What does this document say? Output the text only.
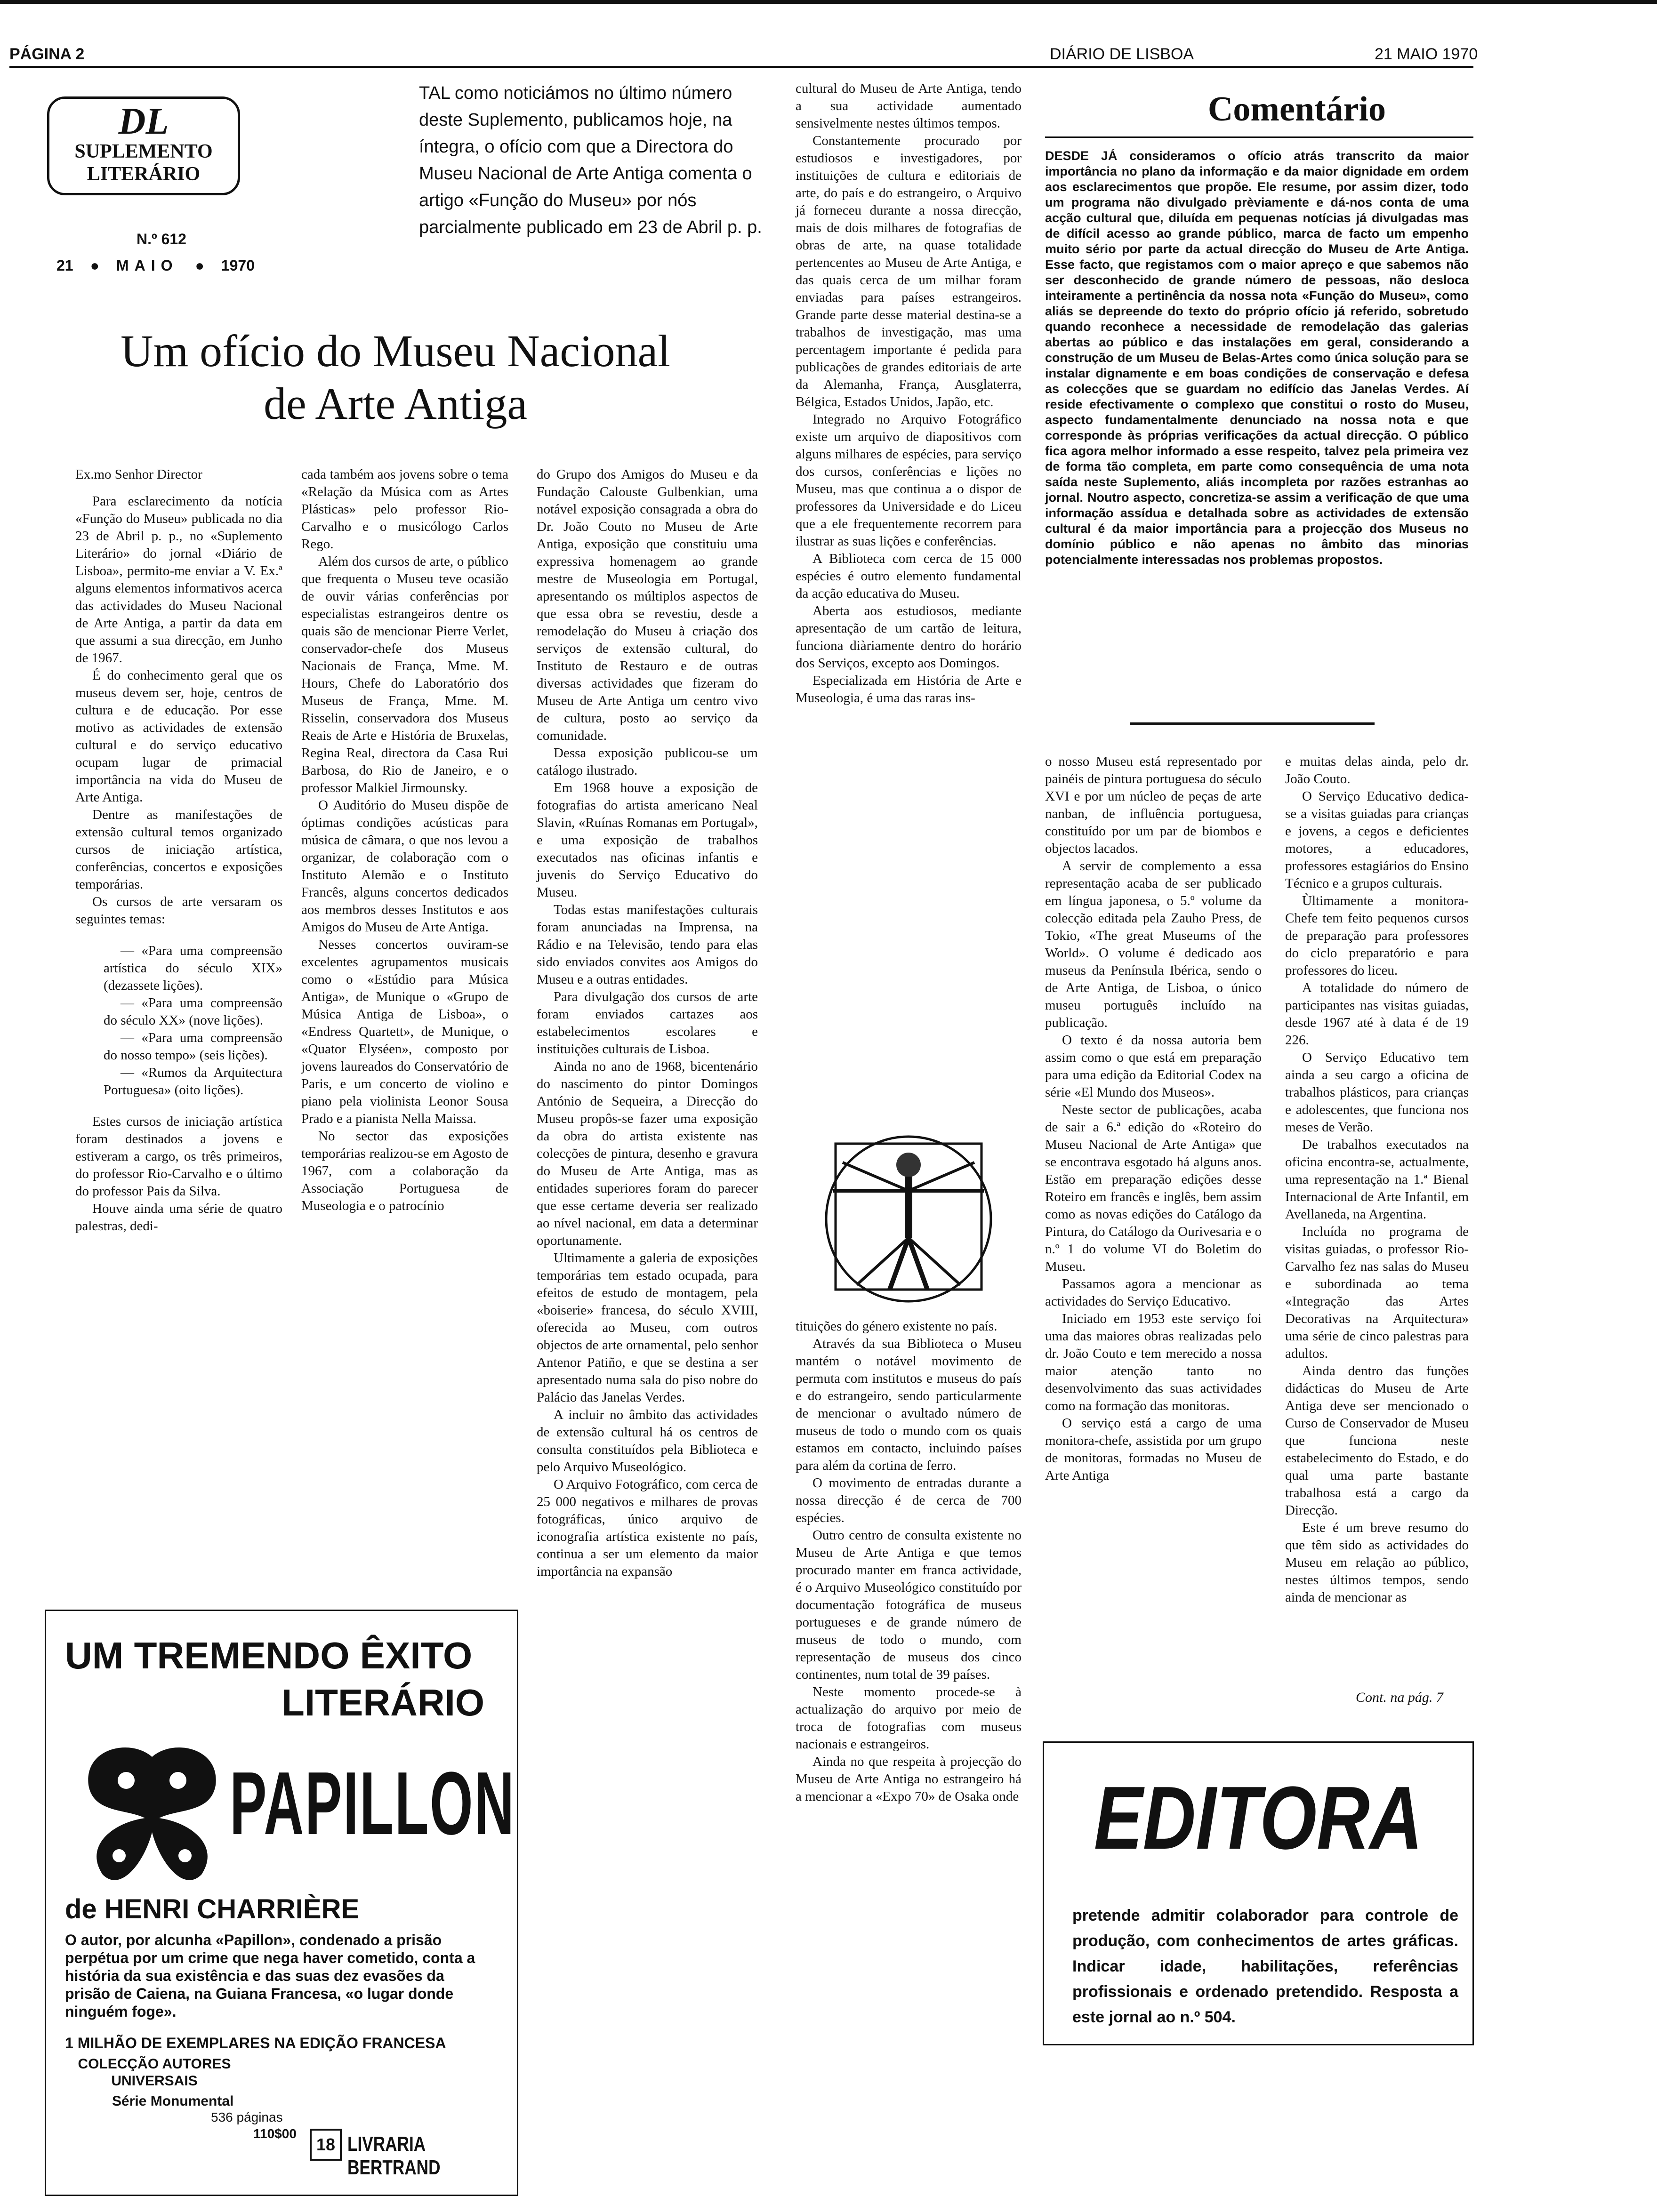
PÁGINA 2	DIÁRIO DE LISBOA	21 MAIO 1970
DL
SUPLEMENTO
LITERÁRIO
N.º 612
21 ● MAIO ● 1970
TAL como noticiámos no último número deste Suplemento, publicamos hoje, na íntegra, o ofício com que a Directora do Museu Nacional de Arte Antiga comenta o artigo «Função do Museu» por nós parcialmente publicado em 23 de Abril p. p.
Um ofício do Museu Nacional
de Arte Antiga

Ex.mo Senhor Director

Para esclarecimento da notícia «Função do Museu» publicada no dia 23 de Abril p. p., no «Suplemento Literário» do jornal «Diário de Lisboa», permito-me enviar a V. Ex.ª alguns elementos informativos acerca das actividades do Museu Nacional de Arte Antiga, a partir da data em que assumi a sua direcção, em Junho de 1967.

É do conhecimento geral que os museus devem ser, hoje, centros de cultura e de educação. Por esse motivo as actividades de extensão cultural e do serviço educativo ocupam lugar de primacial importância na vida do Museu de Arte Antiga.

Dentre as manifestações de extensão cultural temos organizado cursos de iniciação artística, conferências, concertos e exposições temporárias.

Os cursos de arte versaram os seguintes temas:

— «Para uma compreensão artística do século XIX» (dezassete lições).

— «Para uma compreensão do século XX» (nove lições).

— «Para uma compreensão do nosso tempo» (seis lições).

— «Rumos da Arquitectura Portuguesa» (oito lições).

Estes cursos de iniciação artística foram destinados a jovens e estiveram a cargo, os três primeiros, do professor Rio-Carvalho e o último do professor Pais da Silva.

Houve ainda uma série de quatro palestras, dedi-

cada também aos jovens sobre o tema «Relação da Música com as Artes Plásticas» pelo professor Rio-Carvalho e o musicólogo Carlos Rego.

Além dos cursos de arte, o público que frequenta o Museu teve ocasião de ouvir várias conferências por especialistas estrangeiros dentre os quais são de mencionar Pierre Verlet, conservador-chefe dos Museus Nacionais de França, Mme. M. Hours, Chefe do Laboratório dos Museus de França, Mme. M. Risselin, conservadora dos Museus Reais de Arte e História de Bruxelas, Regina Real, directora da Casa Rui Barbosa, do Rio de Janeiro, e o professor Malkiel Jirmounsky.

O Auditório do Museu dispõe de óptimas condições acústicas para música de câmara, o que nos levou a organizar, de colaboração com o Instituto Alemão e o Instituto Francês, alguns concertos dedicados aos membros desses Institutos e aos Amigos do Museu de Arte Antiga.

Nesses concertos ouviram-se excelentes agrupamentos musicais como o «Estúdio para Música Antiga», de Munique o «Grupo de Música Antiga de Lisboa», o «Endress Quartett», de Munique, o «Quator Elyséen», composto por jovens laureados do Conservatório de Paris, e um concerto de violino e piano pela violinista Leonor Sousa Prado e a pianista Nella Maissa.

No sector das exposições temporárias realizou-se em Agosto de 1967, com a colaboração da Associação Portuguesa de Museologia e o patrocínio

do Grupo dos Amigos do Museu e da Fundação Calouste Gulbenkian, uma notável exposição consagrada a obra do Dr. João Couto no Museu de Arte Antiga, exposição que constituiu uma expressiva homenagem ao grande mestre de Museologia em Portugal, apresentando os múltiplos aspectos de que essa obra se revestiu, desde a remodelação do Museu à criação dos serviços de extensão cultural, do Instituto de Restauro e de outras diversas actividades que fizeram do Museu de Arte Antiga um centro vivo de cultura, posto ao serviço da comunidade.

Dessa exposição publicou-se um catálogo ilustrado.

Em 1968 houve a exposição de fotografias do artista americano Neal Slavin, «Ruínas Romanas em Portugal», e uma exposição de trabalhos executados nas oficinas infantis e juvenis do Serviço Educativo do Museu.

Todas estas manifestações culturais foram anunciadas na Imprensa, na Rádio e na Televisão, tendo para elas sido enviados convites aos Amigos do Museu e a outras entidades.

Para divulgação dos cursos de arte foram enviados cartazes aos estabelecimentos escolares e instituições culturais de Lisboa.

Ainda no ano de 1968, bicentenário do nascimento do pintor Domingos António de Sequeira, a Direcção do Museu propôs-se fazer uma exposição da obra do artista existente nas colecções de pintura, desenho e gravura do Museu de Arte Antiga, mas as entidades superiores foram do parecer que esse certame deveria ser realizado ao nível nacional, em data a determinar oportunamente.

Ultimamente a galeria de exposições temporárias tem estado ocupada, para efeitos de estudo de montagem, pela «boiserie» francesa, do século XVIII, oferecida ao Museu, com outros objectos de arte ornamental, pelo senhor Antenor Patiño, e que se destina a ser apresentado numa sala do piso nobre do Palácio das Janelas Verdes.

A incluir no âmbito das actividades de extensão cultural há os centros de consulta constituídos pela Biblioteca e pelo Arquivo Museológico.

O Arquivo Fotográfico, com cerca de 25 000 negativos e milhares de provas fotográficas, único arquivo de iconografia artística existente no país, continua a ser um elemento da maior importância na expansão

cultural do Museu de Arte Antiga, tendo a sua actividade aumentado sensivelmente nestes últimos tempos.

Constantemente procurado por estudiosos e investigadores, por instituições de cultura e editoriais de arte, do país e do estrangeiro, o Arquivo já forneceu durante a nossa direcção, mais de dois milhares de fotografias de obras de arte, na quase totalidade pertencentes ao Museu de Arte Antiga, e das quais cerca de um milhar foram enviadas para países estrangeiros. Grande parte desse material destina-se a trabalhos de investigação, mas uma percentagem importante é pedida para publicações de grandes editoriais de arte da Alemanha, França, Ausglaterra, Bélgica, Estados Unidos, Japão, etc.

Integrado no Arquivo Fotográfico existe um arquivo de diapositivos com alguns milhares de espécies, para serviço dos cursos, conferências e lições no Museu, mas que continua a o dispor de professores da Universidade e do Liceu que a ele frequentemente recorrem para ilustrar as suas lições e conferências.

A Biblioteca com cerca de 15 000 espécies é outro elemento fundamental da acção educativa do Museu.

Aberta aos estudiosos, mediante apresentação de um cartão de leitura, funciona diàriamente dentro do horário dos Serviços, excepto aos Domingos.

Especializada em História de Arte e Museologia, é uma das raras ins-

tituições do género existente no país.

Através da sua Biblioteca o Museu mantém o notável movimento de permuta com institutos e museus do país e do estrangeiro, sendo particularmente de mencionar o avultado número de museus de todo o mundo com os quais estamos em contacto, incluindo países para além da cortina de ferro.

O movimento de entradas durante a nossa direcção é de cerca de 700 espécies.

Outro centro de consulta existente no Museu de Arte Antiga e que temos procurado manter em franca actividade, é o Arquivo Museológico constituído por documentação fotográfica de museus portugueses e de grande número de museus de todo o mundo, com representação de museus dos cinco continentes, num total de 39 países.

Neste momento procede-se à actualização do arquivo por meio de troca de fotografias com museus nacionais e estrangeiros.

Ainda no que respeita à projecção do Museu de Arte Antiga no estrangeiro há a mencionar a «Expo 70» de Osaka onde

Comentário
DESDE JÁ consideramos o ofício atrás transcrito da maior importância no plano da informação e da maior dignidade em ordem aos esclarecimentos que propõe. Ele resume, por assim dizer, todo um programa não divulgado prèviamente e dá-nos conta de uma acção cultural que, diluída em pequenas notícias já divulgadas mas de difícil acesso ao grande público, marca de facto um empenho muito sério por parte da actual direcção do Museu de Arte Antiga. Esse facto, que registamos com o maior apreço e que sabemos não ser desconhecido de grande número de pessoas, não desloca inteiramente a pertinência da nossa nota «Função do Museu», como aliás se depreende do texto do próprio ofício já referido, sobretudo quando reconhece a necessidade de remodelação das galerias abertas ao público e das instalações em geral, considerando a construção de um Museu de Belas-Artes como única solução para se instalar dignamente e em boas condições de conservação e defesa as colecções que se guardam no edifício das Janelas Verdes. Aí reside efectivamente o complexo que constitui o rosto do Museu, aspecto fundamentalmente denunciado na nossa nota e que corresponde às próprias verificações da actual direcção. O público fica agora melhor informado a esse respeito, talvez pela primeira vez de forma tão completa, em parte como consequência de uma nota saída neste Suplemento, aliás incompleta por razões estranhas ao jornal. Noutro aspecto, concretiza-se assim a verificação de que uma informação assídua e detalhada sobre as actividades de extensão cultural é da maior importância para a projecção dos Museus no domínio público e não apenas no âmbito das minorias potencialmente interessadas nos problemas propostos.

o nosso Museu está representado por painéis de pintura portuguesa do século XVI e por um núcleo de peças de arte nanban, de influência portuguesa, constituído por um par de biombos e objectos lacados.

A servir de complemento a essa representação acaba de ser publicado em língua japonesa, o 5.º volume da colecção editada pela Zauho Press, de Tokio, «The great Museums of the World». O volume é dedicado aos museus da Península Ibérica, sendo o de Arte Antiga, de Lisboa, o único museu português incluído na publicação.

O texto é da nossa autoria bem assim como o que está em preparação para uma edição da Editorial Codex na série «El Mundo dos Museos».

Neste sector de publicações, acaba de sair a 6.ª edição do «Roteiro do Museu Nacional de Arte Antiga» que se encontrava esgotado há alguns anos. Estão em preparação edições desse Roteiro em francês e inglês, bem assim como as novas edições do Catálogo da Pintura, do Catálogo da Ourivesaria e o n.º 1 do volume VI do Boletim do Museu.

Passamos agora a mencionar as actividades do Serviço Educativo.

Iniciado em 1953 este serviço foi uma das maiores obras realizadas pelo dr. João Couto e tem merecido a nossa maior atenção tanto no desenvolvimento das suas actividades como na formação das monitoras.

O serviço está a cargo de uma monitora-chefe, assistida por um grupo de monitoras, formadas no Museu de Arte Antiga

e muitas delas ainda, pelo dr. João Couto.

O Serviço Educativo dedica-se a visitas guiadas para crianças e jovens, a cegos e deficientes motores, a educadores, professores estagiários do Ensino Técnico e a grupos culturais.

Ùltimamente a monitora-Chefe tem feito pequenos cursos de preparação para professores do ciclo preparatório e para professores do liceu.

A totalidade do número de participantes nas visitas guiadas, desde 1967 até à data é de 19 226.

O Serviço Educativo tem ainda a seu cargo a oficina de trabalhos plásticos, para crianças e adolescentes, que funciona nos meses de Verão.

De trabalhos executados na oficina encontra-se, actualmente, uma representação na 1.ª Bienal Internacional de Arte Infantil, em Avellaneda, na Argentina.

Incluída no programa de visitas guiadas, o professor Rio-Carvalho fez nas salas do Museu e subordinada ao tema «Integração das Artes Decorativas na Arquitectura» uma série de cinco palestras para adultos.

Ainda dentro das funções didácticas do Museu de Arte Antiga deve ser mencionado o Curso de Conservador de Museu que funciona neste estabelecimento do Estado, e do qual uma parte bastante trabalhosa está a cargo da Direcção.

Este é um breve resumo do que têm sido as actividades do Museu em relação ao público, nestes últimos tempos, sendo ainda de mencionar as

Cont. na pág. 7
UM TREMENDO ÊXITO
LITERÁRIO
PAPILLON
de HENRI CHARRIÈRE
O autor, por alcunha «Papillon», condenado a prisão perpétua por um crime que nega haver cometido, conta a história da sua existência e das suas dez evasões da prisão de Caiena, na Guiana Francesa, «o lugar donde ninguém foge».
1 MILHÃO DE EXEMPLARES NA EDIÇÃO FRANCESA
COLECÇÃO AUTORES UNIVERSAIS
Série Monumental
536 páginas
110$00
18 LIVRARIA BERTRAND
EDITORA
pretende admitir colaborador para controle de produção, com conhecimentos de artes gráficas. Indicar idade, habilitações, referências profissionais e ordenado pretendido. Resposta a este jornal ao n.º 504.
